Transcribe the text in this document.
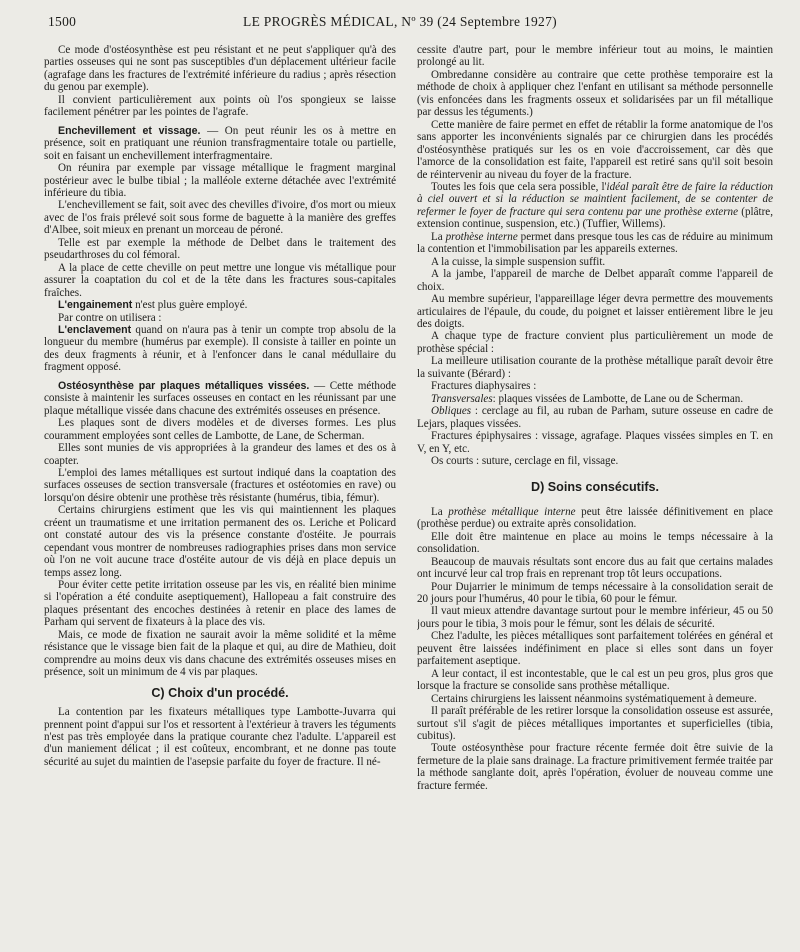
1500	LE PROGRÈS MÉDICAL, Nº 39 (24 Septembre 1927)

Ce mode d'ostéosynthèse est peu résistant et ne peut s'appliquer qu'à des parties osseuses qui ne sont pas susceptibles d'un déplacement ultérieur facile (agrafage dans les fractures de l'extrémité inférieure du radius ; après résection du genou par exemple).

Il convient particulièrement aux points où l'os spongieux se laisse facilement pénétrer par les pointes de l'agrafe.

Enchevillement et vissage. — On peut réunir les os à mettre en présence, soit en pratiquant une réunion transfragmentaire totale ou partielle, soit en faisant un enchevillement interfragmentaire.

On réunira par exemple par vissage métallique le fragment marginal postérieur avec le bulbe tibial ; la malléole externe détachée avec l'extrémité inférieure du tibia.

L'enchevillement se fait, soit avec des chevilles d'ivoire, d'os mort ou mieux avec de l'os frais prélevé soit sous forme de baguette à la manière des greffes d'Albee, soit mieux en prenant un morceau de péroné.

Telle est par exemple la méthode de Delbet dans le traitement des pseudarthroses du col fémoral.

A la place de cette cheville on peut mettre une longue vis métallique pour assurer la coaptation du col et de la tête dans les fractures sous-capitales fraîches.

L'engainement n'est plus guère employé.

Par contre on utilisera :

L'enclavement quand on n'aura pas à tenir un compte trop absolu de la longueur du membre (humérus par exemple). Il consiste à tailler en pointe un des deux fragments à réunir, et à l'enfoncer dans le canal médullaire du fragment opposé.

Ostéosynthèse par plaques métalliques vissées. — Cette méthode consiste à maintenir les surfaces osseuses en contact en les réunissant par une plaque métallique vissée dans chacune des extrémités osseuses en présence.

Les plaques sont de divers modèles et de diverses formes. Les plus couramment employées sont celles de Lambotte, de Lane, de Scherman.

Elles sont munies de vis appropriées à la grandeur des lames et des os à coapter.

L'emploi des lames métalliques est surtout indiqué dans la coaptation des surfaces osseuses de section transversale (fractures et ostéotomies en rave) ou lorsqu'on désire obtenir une prothèse très résistante (humérus, tibia, fémur).

Certains chirurgiens estiment que les vis qui maintiennent les plaques créent un traumatisme et une irritation permanent des os. Leriche et Policard ont constaté autour des vis la présence constante d'ostéite. Je pourrais cependant vous montrer de nombreuses radiographies prises dans mon service où l'on ne voit aucune trace d'ostéite autour de vis déjà en place depuis un temps assez long.

Pour éviter cette petite irritation osseuse par les vis, en réalité bien minime si l'opération a été conduite aseptiquement), Hallopeau a fait construire des plaques présentant des encoches destinées à retenir en place des lames de Parham qui servent de fixateurs à la place des vis.

Mais, ce mode de fixation ne saurait avoir la même solidité et la même résistance que le vissage bien fait de la plaque et qui, au dire de Mathieu, doit comprendre au moins deux vis dans chacune des extrémités osseuses mises en présence, soit un minimum de 4 vis par plaques.

C) Choix d'un procédé.

La contention par les fixateurs métalliques type Lambotte-Juvarra qui prennent point d'appui sur l'os et ressortent à l'extérieur à travers les téguments n'est pas très employée dans la pratique courante chez l'adulte. L'appareil est d'un maniement délicat ; il est coûteux, encombrant, et ne donne pas toute sécurité au sujet du maintien de l'asepsie parfaite du foyer de fracture. Il né-

cessite d'autre part, pour le membre inférieur tout au moins, le maintien prolongé au lit.

Ombredanne considère au contraire que cette prothèse temporaire est la méthode de choix à appliquer chez l'enfant en utilisant sa méthode personnelle (vis enfoncées dans les fragments osseux et solidarisées par un fil métallique par dessus les téguments.)

Cette manière de faire permet en effet de rétablir la forme anatomique de l'os sans apporter les inconvénients signalés par ce chirurgien dans les procédés d'ostéosynthèse pratiqués sur les os en voie d'accroissement, car dès que l'amorce de la consolidation est faite, l'appareil est retiré sans qu'il soit besoin de réintervenir au niveau du foyer de la fracture.

Toutes les fois que cela sera possible, l'idéal paraît être de faire la réduction à ciel ouvert et si la réduction se maintient facilement, de se contenter de refermer le foyer de fracture qui sera contenu par une prothèse externe (plâtre, extension continue, suspension, etc.) (Tuffier, Willems).

La prothèse interne permet dans presque tous les cas de réduire au minimum la contention et l'immobilisation par les appareils externes.

A la cuisse, la simple suspension suffit.

A la jambe, l'appareil de marche de Delbet apparaît comme l'appareil de choix.

Au membre supérieur, l'appareillage léger devra permettre des mouvements articulaires de l'épaule, du coude, du poignet et laisser entièrement libre le jeu des doigts.

A chaque type de fracture convient plus particulièrement un mode de prothèse spécial :

La meilleure utilisation courante de la prothèse métallique paraît devoir être la suivante (Bérard) :

Fractures diaphysaires :

Transversales: plaques vissées de Lambotte, de Lane ou de Scherman.

Obliques : cerclage au fil, au ruban de Parham, suture osseuse en cadre de Lejars, plaques vissées.

Fractures épiphysaires : vissage, agrafage. Plaques vissées simples en T. en V, en Y, etc.

Os courts : suture, cerclage en fil, vissage.

D) Soins consécutifs.

La prothèse métallique interne peut être laissée définitivement en place (prothèse perdue) ou extraite après consolidation.

Elle doit être maintenue en place au moins le temps nécessaire à la consolidation.

Beaucoup de mauvais résultats sont encore dus au fait que certains malades ont incurvé leur cal trop frais en reprenant trop tôt leurs occupations.

Pour Dujarrier le minimum de temps nécessaire à la consolidation serait de 20 jours pour l'humérus, 40 pour le tibia, 60 pour le fémur.

Il vaut mieux attendre davantage surtout pour le membre inférieur, 45 ou 50 jours pour le tibia, 3 mois pour le fémur, sont les délais de sécurité.

Chez l'adulte, les pièces métalliques sont parfaitement tolérées en général et peuvent être laissées indéfiniment en place si elles sont dans un foyer parfaitement aseptique.

A leur contact, il est incontestable, que le cal est un peu gros, plus gros que lorsque la fracture se consolide sans prothèse métallique.

Certains chirurgiens les laissent néanmoins systématiquement à demeure.

Il paraît préférable de les retirer lorsque la consolidation osseuse est assurée, surtout s'il s'agit de pièces métalliques importantes et superficielles (tibia, cubitus).

Toute ostéosynthèse pour fracture récente fermée doit être suivie de la fermeture de la plaie sans drainage. La fracture primitivement fermée traitée par la méthode sanglante doit, après l'opération, évoluer de nouveau comme une fracture fermée.
